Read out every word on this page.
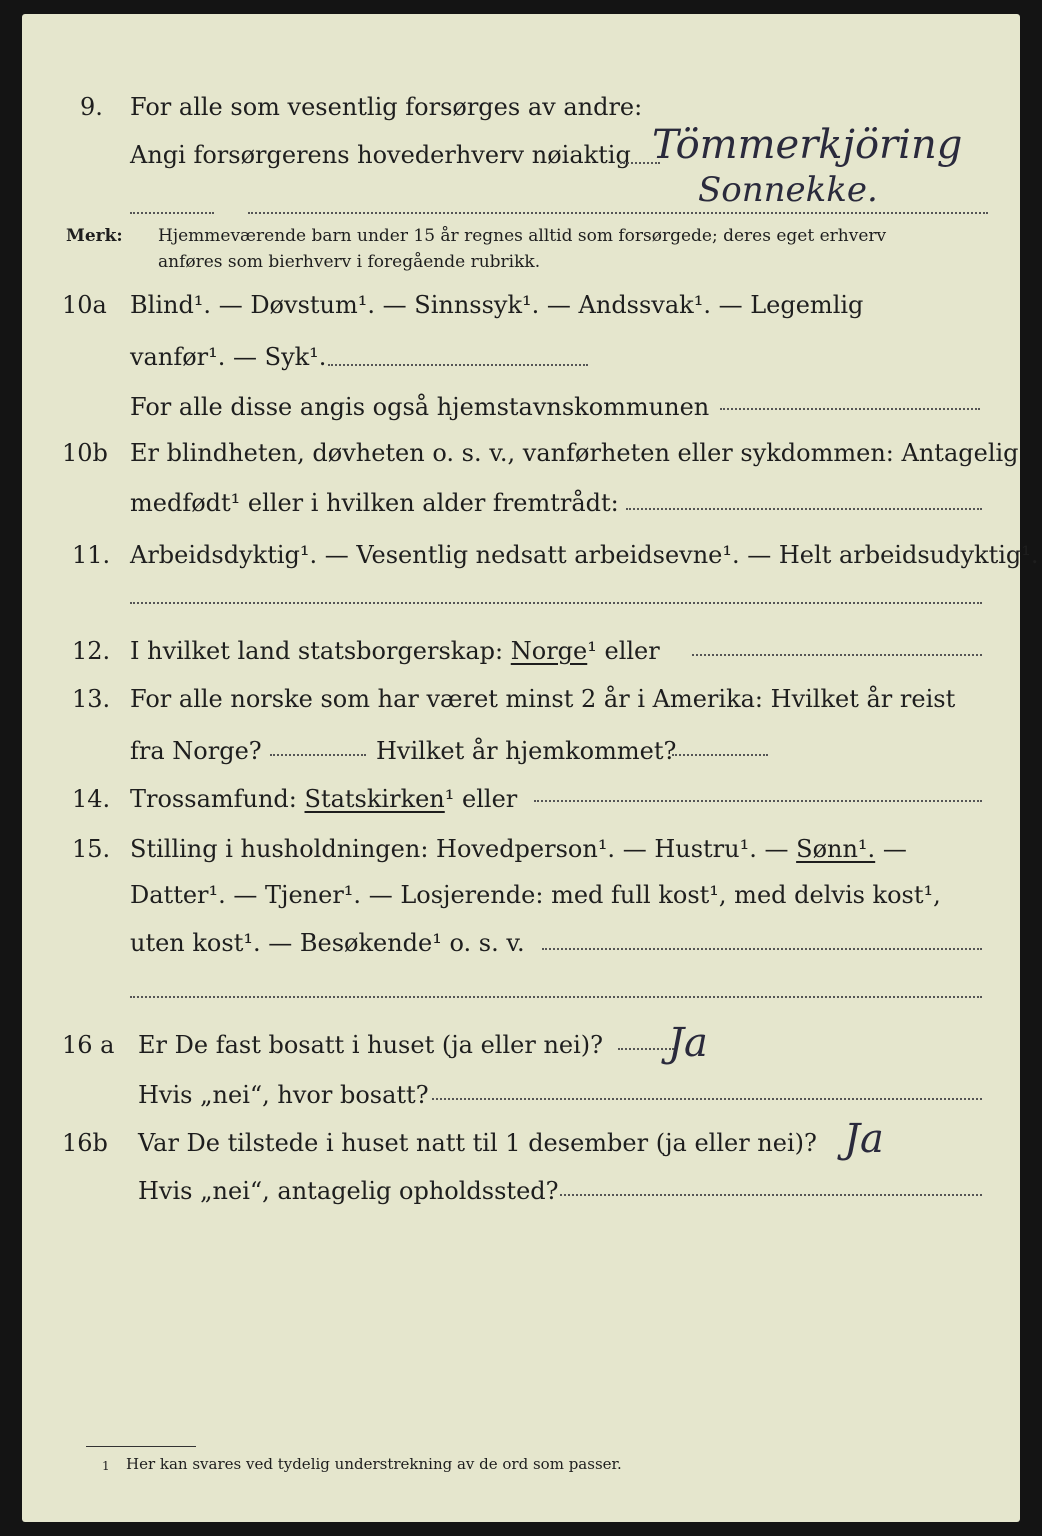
9. For alle som vesentlig forsørges av andre:
Angi forsørgerens hovederhverv nøiaktig Tömmerkjöring
Sonnekke.
Merk: Hjemmeværende barn under 15 år regnes alltid som forsørgede; deres eget erhverv
anføres som bierhverv i foregående rubrikk.
10a Blind¹. — Døvstum¹. — Sinnssyk¹. — Andssvak¹. — Legemlig
vanfør¹. — Syk¹.
For alle disse angis også hjemstavnskommunen
10b Er blindheten, døvheten o. s. v., vanførheten eller sykdommen: Antagelig
medfødt¹ eller i hvilken alder fremtrådt:
11. Arbeidsdyktig¹. — Vesentlig nedsatt arbeidsevne¹. — Helt arbeidsudyktig¹.
12. I hvilket land statsborgerskap: Norge¹ eller
13. For alle norske som har været minst 2 år i Amerika: Hvilket år reist
fra Norge?	Hvilket år hjemkommet?
14. Trossamfund: Statskirken¹ eller
15. Stilling i husholdningen: Hovedperson¹. — Hustru¹. — Sønn¹. —
Datter¹. — Tjener¹. — Losjerende: med full kost¹, med delvis kost¹,
uten kost¹. — Besøkende¹ o. s. v.
16 a Er De fast bosatt i huset (ja eller nei)? Ja
Hvis „nei“, hvor bosatt?
16b Var De tilstede i huset natt til 1 desember (ja eller nei)? Ja
Hvis „nei“, antagelig opholdssted?
1 Her kan svares ved tydelig understrekning av de ord som passer.
